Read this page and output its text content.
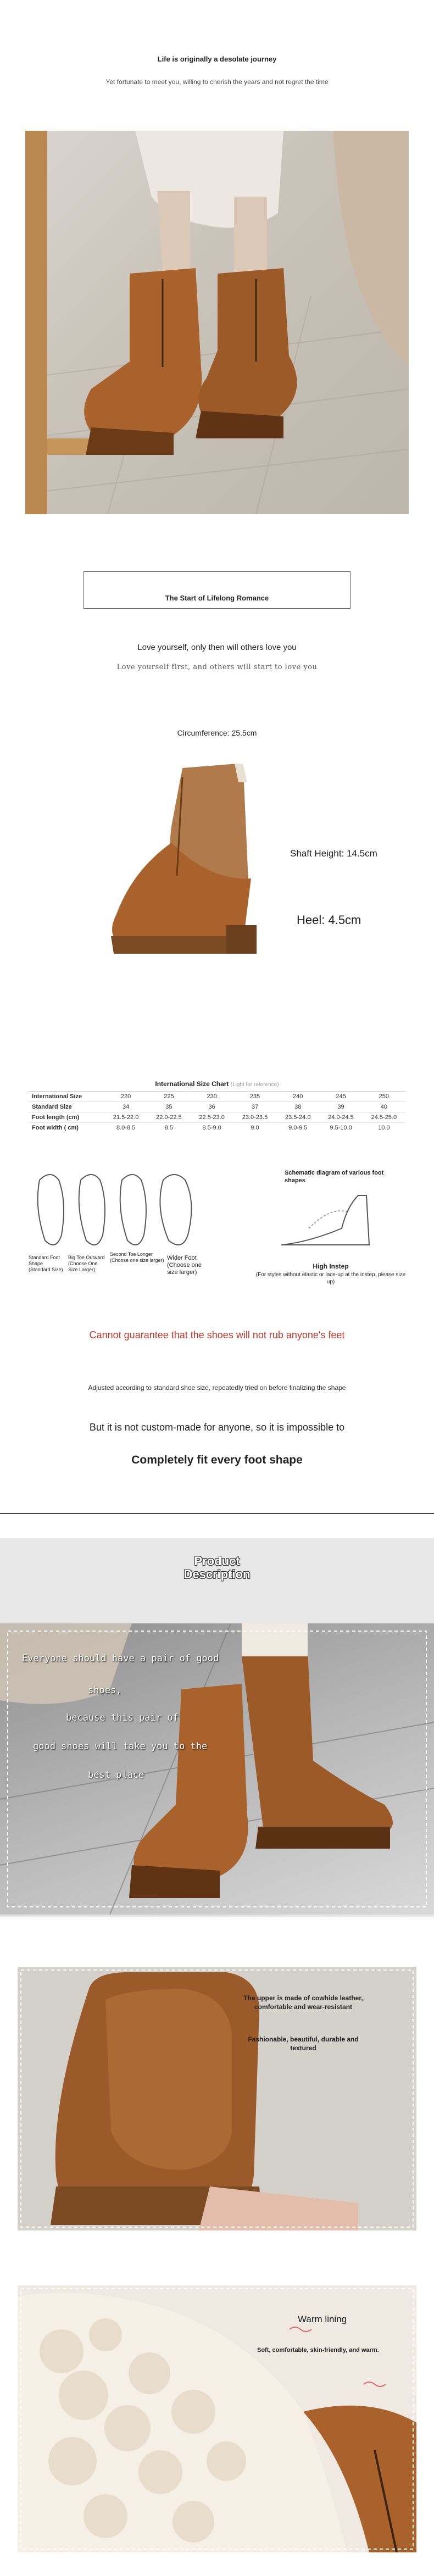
Life is originally a desolate journey
Yet fortunate to meet you, willing to cherish the years and not regret the time
The Start of Lifelong Romance
Love yourself, only then will others love you
Love yourself first, and others will start to love you
Circumference: 25.5cm
Shaft Height: 14.5cm
Heel: 4.5cm
International Size Chart (Light for reference)
International Size	220	225	230	235	240	245	250
Standard Size	34	35	36	37	38	39	40
Foot length (cm)	21.5-22.0	22.0-22.5	22.5-23.0	23.0-23.5	23.5-24.0	24.0-24.5	24.5-25.0
Foot width ( cm)	8.0-8.5	8.5	8.5-9.0	9.0	9.0-9.5	9.5-10.0	10.0
Standard Foot Shape (Standard Size)
Big Toe Outward (Choose One Size Larger)
Second Toe Longer (Choose one size larger) Wider Foot (Choose one size larger)
Schematic diagram of various foot shapes
High Instep
(For styles without elastic or lace-up at the instep, please size up)
Cannot guarantee that the shoes will not rub anyone's feet
Adjusted according to standard shoe size, repeatedly tried on before finalizing the shape
But it is not custom-made for anyone, so it is impossible to
Completely fit every foot shape
Product
Description
Everyone should have a pair of good
shoes,
because this pair of
good shoes will take you to the
best place
The upper is made of cowhide leather, comfortable and wear-resistant
Fashionable, beautiful, durable and textured
Warm lining
Soft, comfortable, skin-friendly, and warm.
